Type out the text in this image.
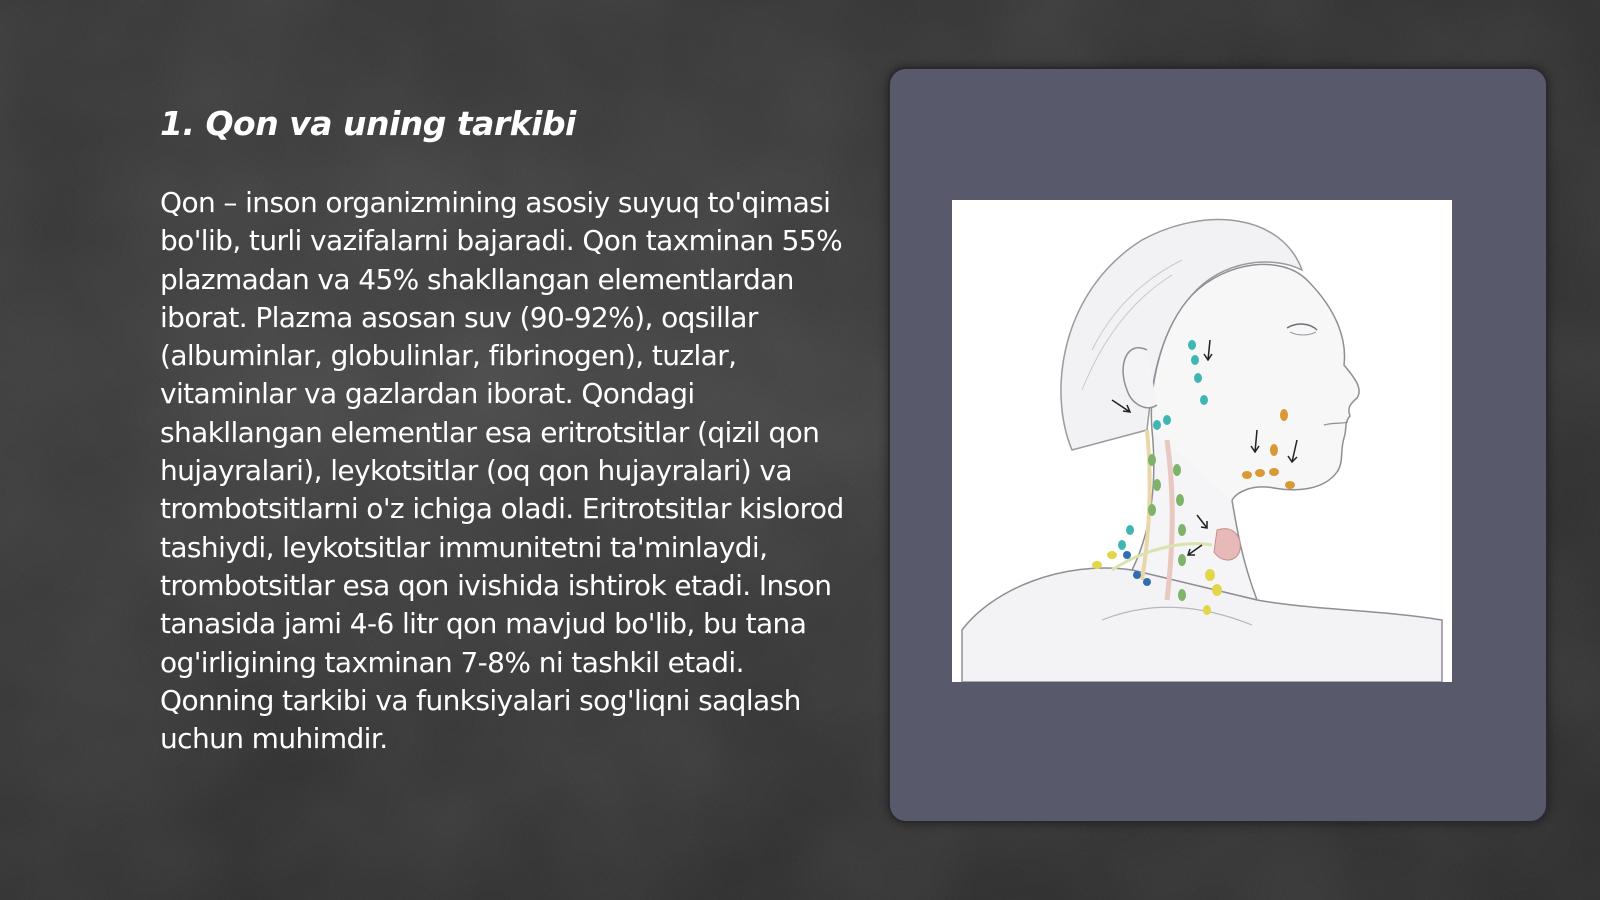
1. Qon va uning tarkibi

Qon – inson organizmining asosiy suyuq to'qimasi bo'lib, turli vazifalarni bajaradi. Qon taxminan 55% plazmadan va 45% shakllangan elementlardan iborat. Plazma asosan suv (90-92%), oqsillar (albuminlar, globulinlar, fibrinogen), tuzlar, vitaminlar va gazlardan iborat. Qondagi shakllangan elementlar esa eritrotsitlar (qizil qon hujayralari), leykotsitlar (oq qon hujayralari) va trombotsitlarni o'z ichiga oladi. Eritrotsitlar kislorod tashiydi, leykotsitlar immunitetni ta'minlaydi, trombotsitlar esa qon ivishida ishtirok etadi. Inson tanasida jami 4-6 litr qon mavjud bo'lib, bu tana og'irligining taxminan 7-8% ni tashkil etadi. Qonning tarkibi va funksiyalari sog'liqni saqlash uchun muhimdir.
